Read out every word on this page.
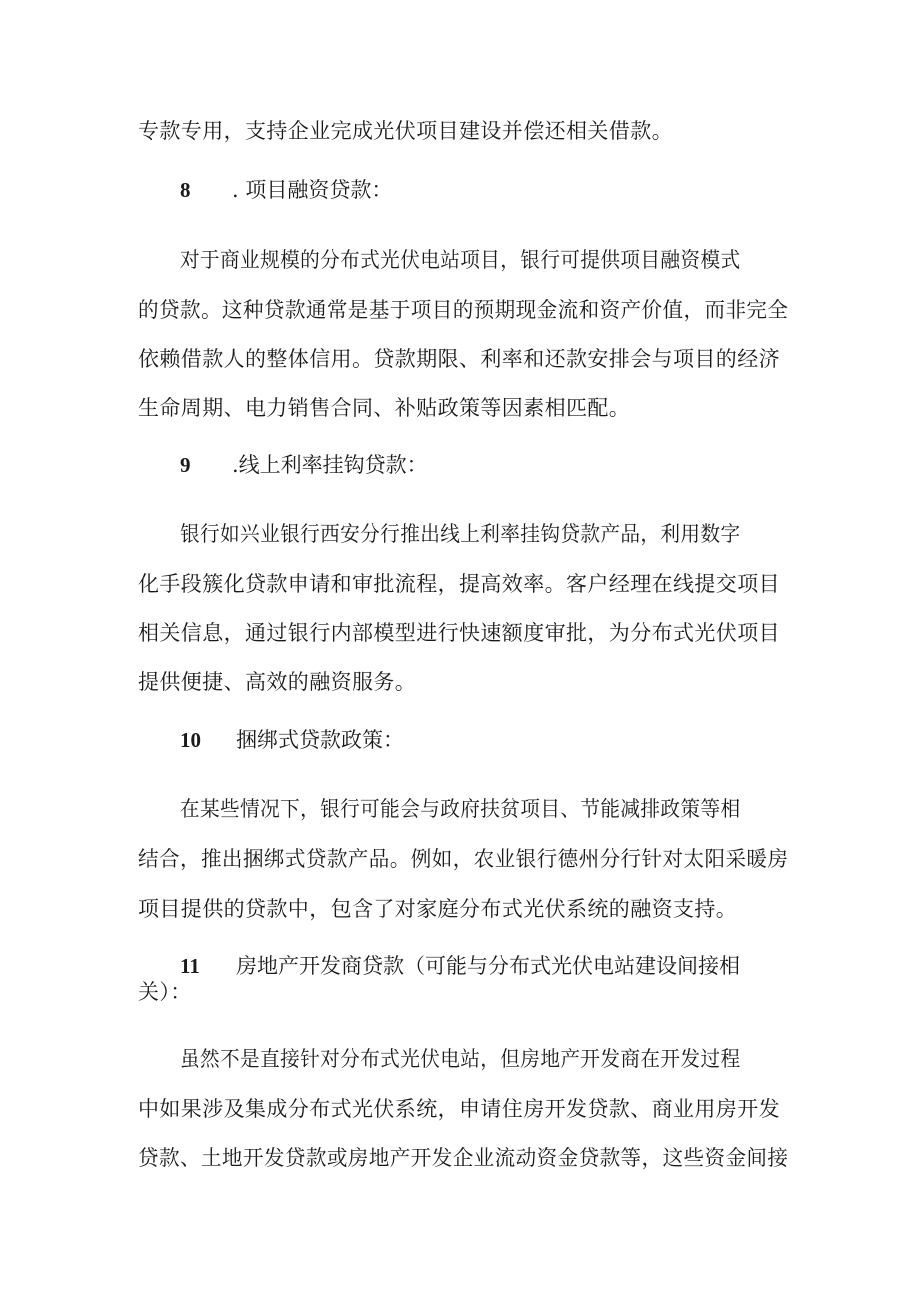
专款专用，支持企业完成光伏项目建设并偿还相关借款。
8 . 项目融资贷款：
对于商业规模的分布式光伏电站项目，银行可提供项目融资模式
的贷款。这种贷款通常是基于项目的预期现金流和资产价值，而非完全
依赖借款人的整体信用。贷款期限、利率和还款安排会与项目的经济
生命周期、电力销售合同、补贴政策等因素相匹配。
9 .线上利率挂钩贷款：
银行如兴业银行西安分行推出线上利率挂钩贷款产品，利用数字
化手段簇化贷款申请和审批流程，提高效率。客户经理在线提交项目
相关信息，通过银行内部模型进行快速额度审批，为分布式光伏项目
提供便捷、高效的融资服务。
10 捆绑式贷款政策：
在某些情况下，银行可能会与政府扶贫项目、节能减排政策等相
结合，推出捆绑式贷款产品。例如，农业银行德州分行针对太阳采暖房
项目提供的贷款中，包含了对家庭分布式光伏系统的融资支持。
11 房地产开发商贷款（可能与分布式光伏电站建设间接相
关）：
虽然不是直接针对分布式光伏电站，但房地产开发商在开发过程
中如果涉及集成分布式光伏系统，申请住房开发贷款、商业用房开发
贷款、土地开发贷款或房地产开发企业流动资金贷款等，这些资金间接
